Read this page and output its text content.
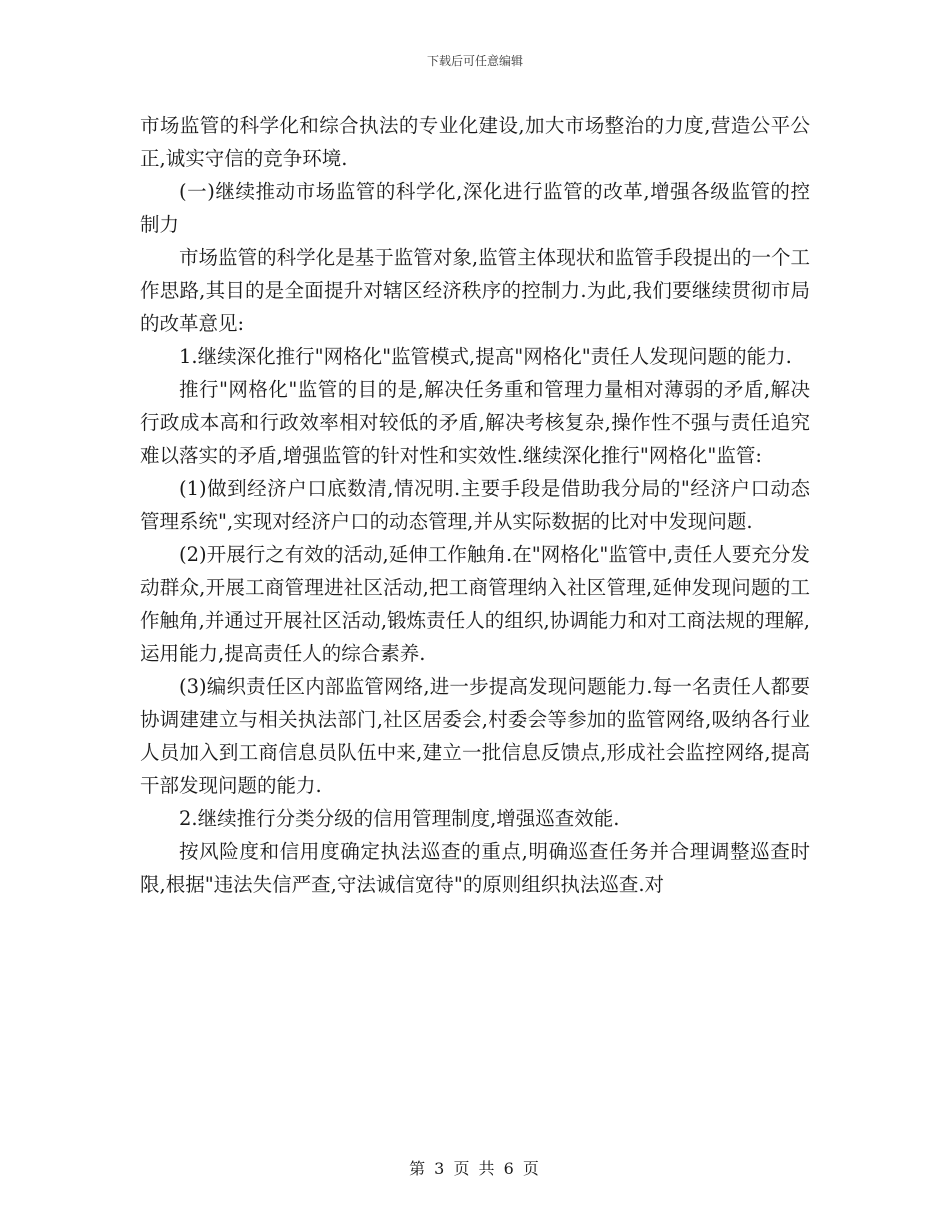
下载后可任意编辑

市场监管的科学化和综合执法的专业化建设,加大市场整治的力度,营造公平公正,诚实守信的竞争环境.

(一)继续推动市场监管的科学化,深化进行监管的改革,增强各级监管的控制力

市场监管的科学化是基于监管对象,监管主体现状和监管手段提出的一个工作思路,其目的是全面提升对辖区经济秩序的控制力.为此,我们要继续贯彻市局的改革意见:

1.继续深化推行"网格化"监管模式,提高"网格化"责任人发现问题的能力.

推行"网格化"监管的目的是,解决任务重和管理力量相对薄弱的矛盾,解决行政成本高和行政效率相对较低的矛盾,解决考核复杂,操作性不强与责任追究难以落实的矛盾,增强监管的针对性和实效性.继续深化推行"网格化"监管:

(1)做到经济户口底数清,情况明.主要手段是借助我分局的"经济户口动态管理系统",实现对经济户口的动态管理,并从实际数据的比对中发现问题.

(2)开展行之有效的活动,延伸工作触角.在"网格化"监管中,责任人要充分发动群众,开展工商管理进社区活动,把工商管理纳入社区管理,延伸发现问题的工作触角,并通过开展社区活动,锻炼责任人的组织,协调能力和对工商法规的理解,运用能力,提高责任人的综合素养.

(3)编织责任区内部监管网络,进一步提高发现问题能力.每一名责任人都要协调建建立与相关执法部门,社区居委会,村委会等参加的监管网络,吸纳各行业人员加入到工商信息员队伍中来,建立一批信息反馈点,形成社会监控网络,提高干部发现问题的能力.

2.继续推行分类分级的信用管理制度,增强巡查效能.

按风险度和信用度确定执法巡查的重点,明确巡查任务并合理调整巡查时限,根据"违法失信严查,守法诚信宽待"的原则组织执法巡查.对

第 3 页 共 6 页
